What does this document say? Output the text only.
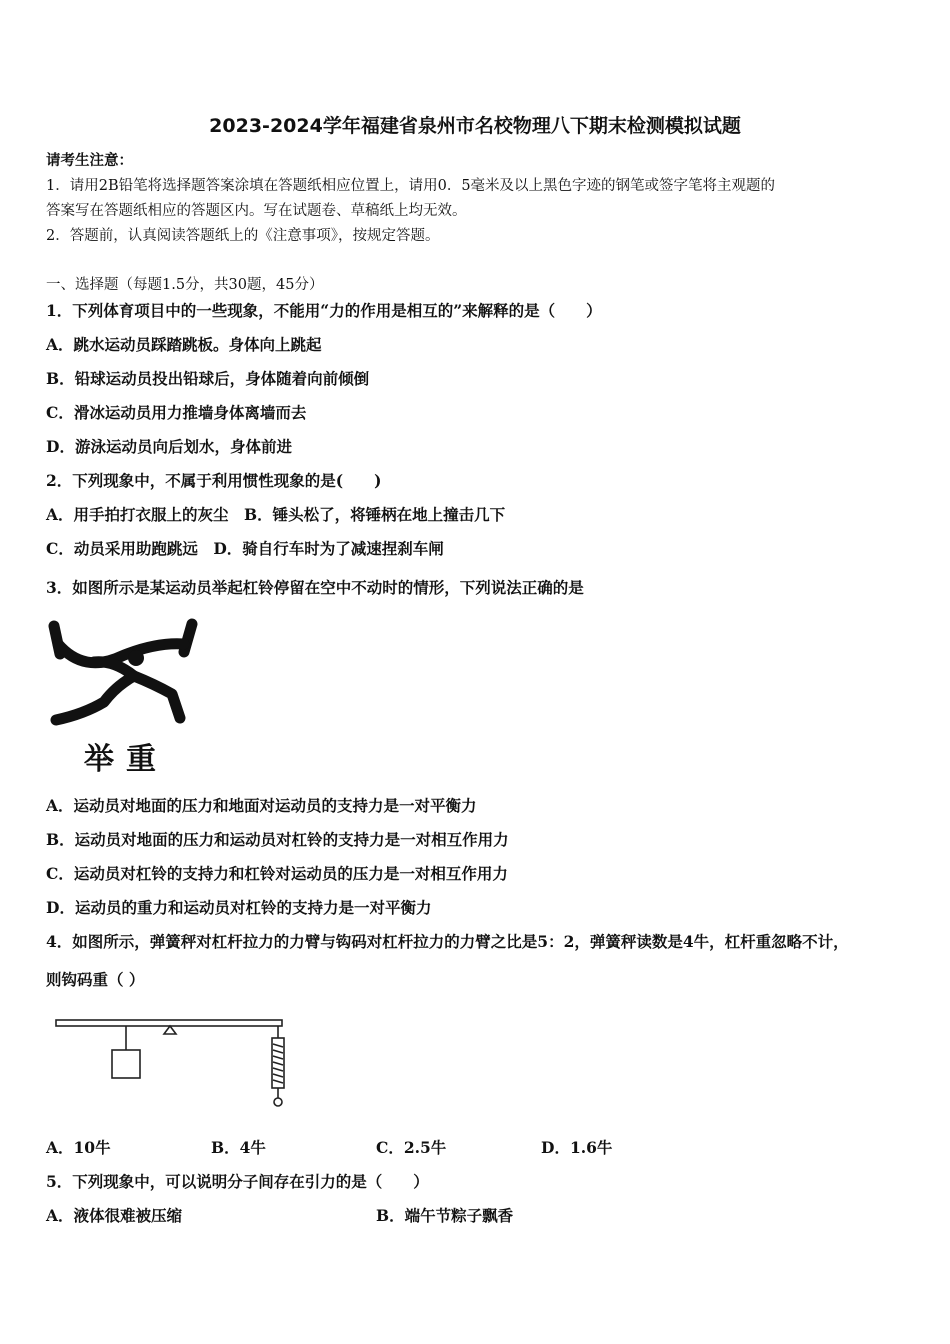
2023-2024学年福建省泉州市名校物理八下期末检测模拟试题
请考生注意：
1．请用2B铅笔将选择题答案涂填在答题纸相应位置上，请用0．5毫米及以上黑色字迹的钢笔或签字笔将主观题的
答案写在答题纸相应的答题区内。写在试题卷、草稿纸上均无效。
2．答题前，认真阅读答题纸上的《注意事项》，按规定答题。
一、选择题（每题1.5分，共30题，45分）
1．下列体育项目中的一些现象，不能用“力的作用是相互的”来解释的是（　　）
A．跳水运动员踩踏跳板。身体向上跳起
B．铅球运动员投出铅球后，身体随着向前倾倒
C．滑冰运动员用力推墙身体离墙而去
D．游泳运动员向后划水，身体前进
2．下列现象中，不属于利用惯性现象的是(　　)
A．用手拍打衣服上的灰尘　B．锤头松了，将锤柄在地上撞击几下
C．动员采用助跑跳远　D．骑自行车时为了减速捏刹车闸
3．如图所示是某运动员举起杠铃停留在空中不动时的情形，下列说法正确的是
举重
A．运动员对地面的压力和地面对运动员的支持力是一对平衡力
B．运动员对地面的压力和运动员对杠铃的支持力是一对相互作用力
C．运动员对杠铃的支持力和杠铃对运动员的压力是一对相互作用力
D．运动员的重力和运动员对杠铃的支持力是一对平衡力
4．如图所示，弹簧秤对杠杆拉力的力臂与钩码对杠杆拉力的力臂之比是5：2，弹簧秤读数是4牛，杠杆重忽略不计，
则钩码重（ ）
A．10牛	B．4牛	C．2.5牛	D．1.6牛
5．下列现象中，可以说明分子间存在引力的是（　　）
A．液体很难被压缩	B．端午节粽子飘香
